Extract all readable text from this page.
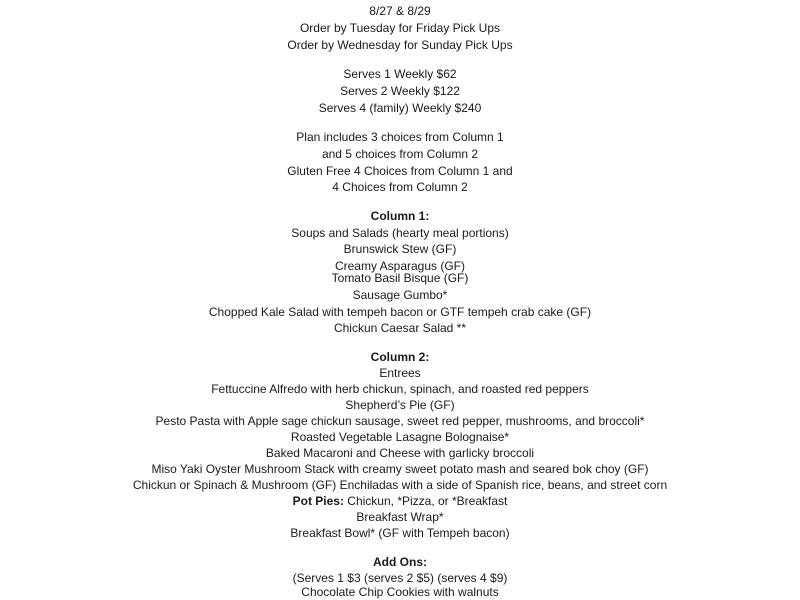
8/27 & 8/29
Order by Tuesday for Friday Pick Ups
Order by Wednesday for Sunday Pick Ups
Serves 1 Weekly $62
Serves 2 Weekly $122
Serves 4 (family) Weekly $240
Plan includes 3 choices from Column 1
and 5 choices from Column 2
Gluten Free 4 Choices from Column 1 and
4 Choices from Column 2
Column 1:
Soups and Salads (hearty meal portions)
Brunswick Stew (GF)
Creamy Asparagus (GF)
Tomato Basil Bisque (GF)
Sausage Gumbo*
Chopped Kale Salad with tempeh bacon or GTF tempeh crab cake (GF)
Chickun Caesar Salad **
Column 2:
Entrees
Fettuccine Alfredo with herb chickun, spinach, and roasted red peppers
Shepherd’s Pie (GF)
Pesto Pasta with Apple sage chickun sausage, sweet red pepper, mushrooms, and broccoli*
Roasted Vegetable Lasagne Bolognaise*
Baked Macaroni and Cheese with garlicky broccoli
Miso Yaki Oyster Mushroom Stack with creamy sweet potato mash and seared bok choy (GF)
Chickun or Spinach & Mushroom (GF) Enchiladas with a side of Spanish rice, beans, and street corn
Pot Pies: Chickun, *Pizza, or *Breakfast
Breakfast Wrap*
Breakfast Bowl* (GF with Tempeh bacon)
Add Ons:
(Serves 1 $3 (serves 2 $5) (serves 4 $9)
Chocolate Chip Cookies with walnuts
